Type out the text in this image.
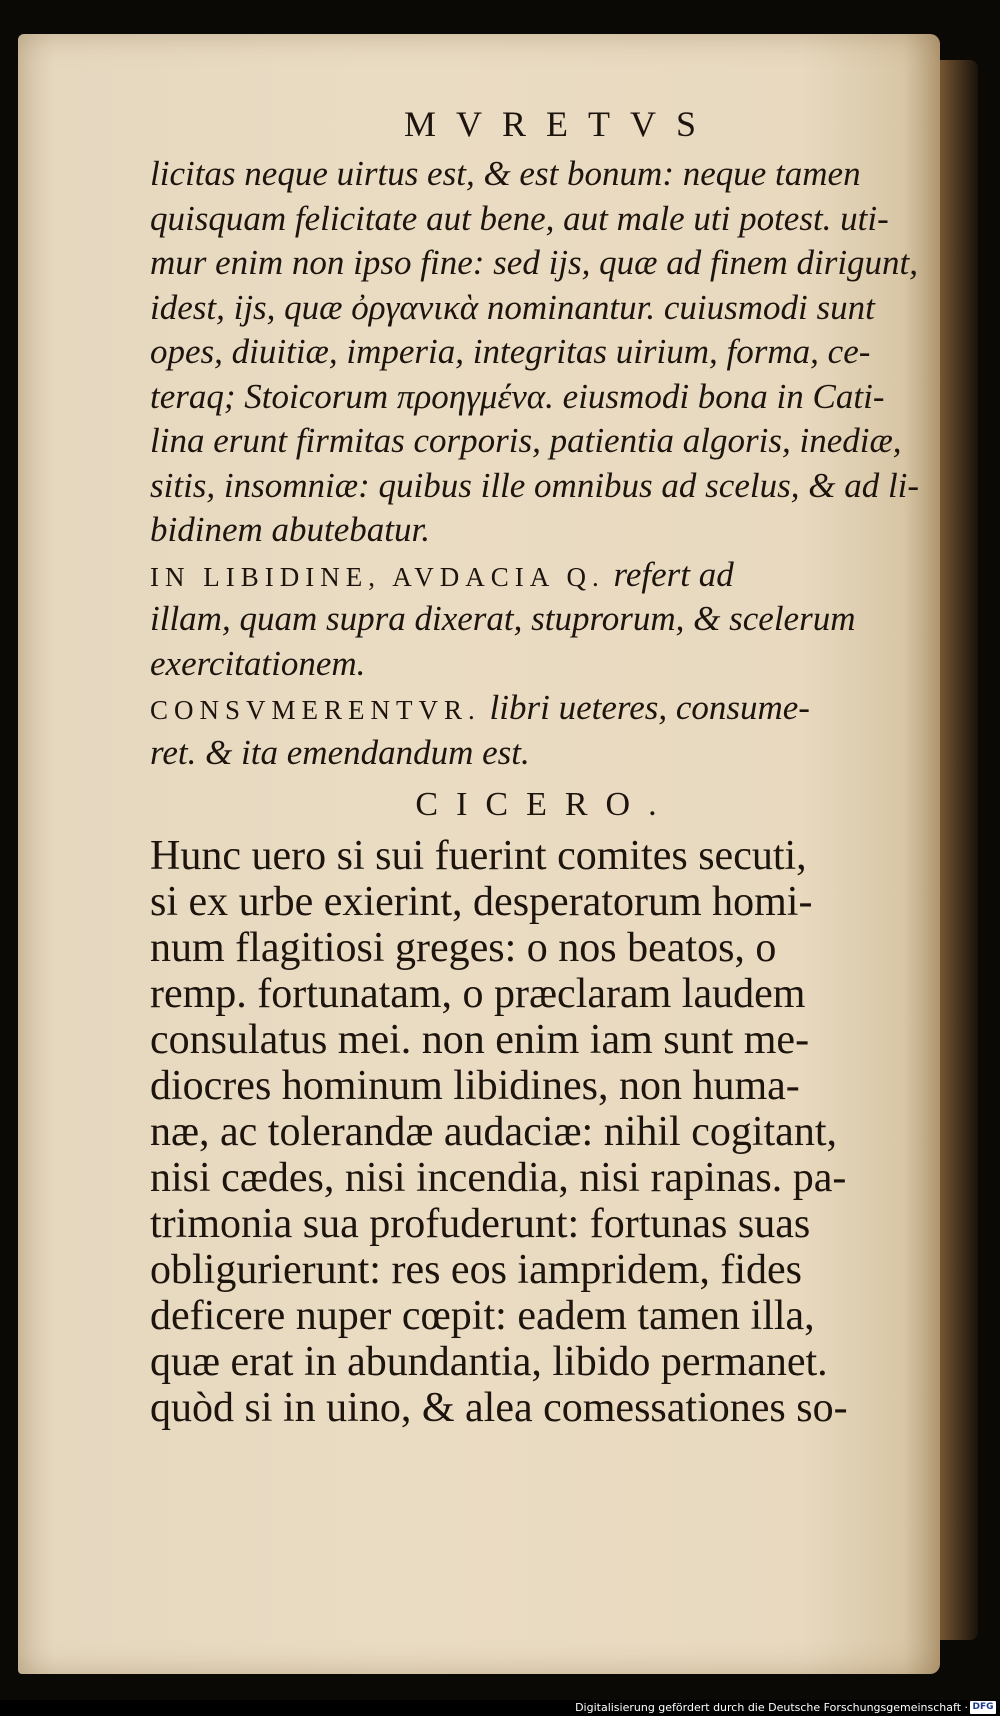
MVRETVS
licitas neque uirtus est, & est bonum: neque tamen
quisquam felicitate aut bene, aut male uti potest. uti-
mur enim non ipso fine: sed ijs, quæ ad finem dirigunt,
idest, ijs, quæ ὀργανικὰ nominantur. cuiusmodi sunt
opes, diuitiæ, imperia, integritas uirium, forma, ce-
teraq; Stoicorum προηγμένα. eiusmodi bona in Cati-
lina erunt firmitas corporis, patientia algoris, inediæ,
sitis, insomniæ: quibus ille omnibus ad scelus, & ad li-
bidinem abutebatur.
IN LIBIDINE, AVDACIA Q. refert ad
illam, quam supra dixerat, stuprorum, & scelerum
exercitationem.
CONSVMERENTVR. libri ueteres, consume-
ret. & ita emendandum est.
CICERO.
Hunc uero si sui fuerint comites secuti,
si ex urbe exierint, desperatorum homi-
num flagitiosi greges: o nos beatos, o
remp. fortunatam, o præclaram laudem
consulatus mei. non enim iam sunt me-
diocres hominum libidines, non huma-
næ, ac tolerandæ audaciæ: nihil cogitant,
nisi cædes, nisi incendia, nisi rapinas. pa-
trimonia sua profuderunt: fortunas suas
obligurierunt: res eos iampridem, fides
deficere nuper cœpit: eadem tamen illa,
quæ erat in abundantia, libido permanet.
quòd si in uino, & alea comessationes so-
Digitalisierung gefördert durch die Deutsche Forschungsgemeinschaft · DFG
